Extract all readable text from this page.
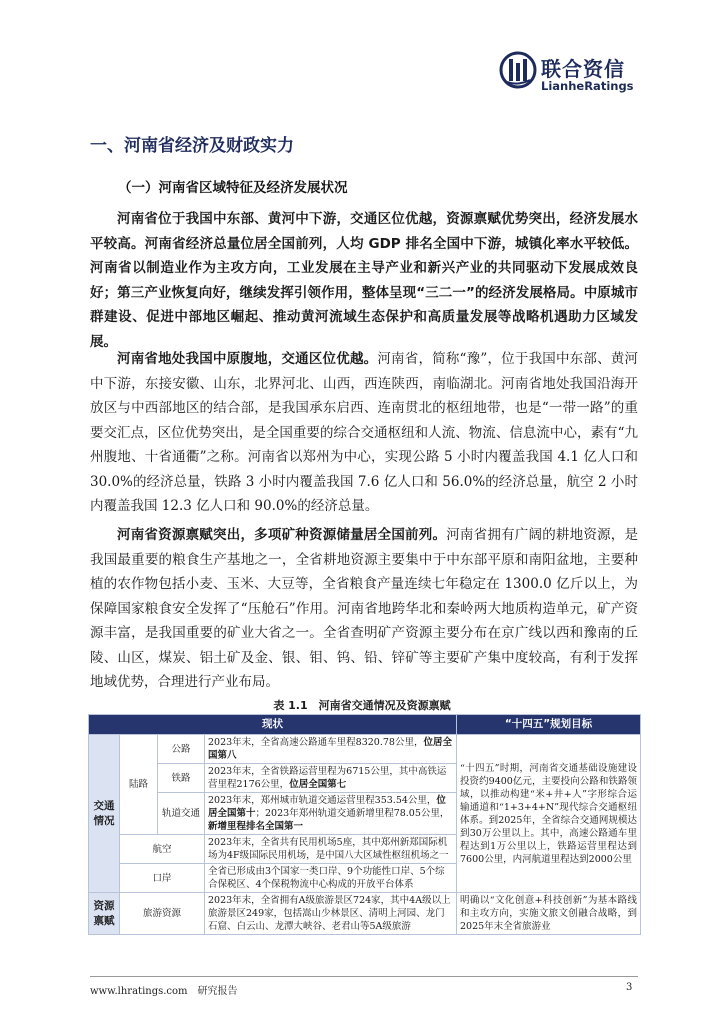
联合资信
LianheRatings
一、河南省经济及财政实力
（一）河南省区域特征及经济发展状况

河南省位于我国中东部、黄河中下游，交通区位优越，资源禀赋优势突出，经济发展水平较高。河南省经济总量位居全国前列，人均 GDP 排名全国中下游，城镇化率水平较低。河南省以制造业作为主攻方向，工业发展在主导产业和新兴产业的共同驱动下发展成效良好；第三产业恢复向好，继续发挥引领作用，整体呈现“三二一”的经济发展格局。中原城市群建设、促进中部地区崛起、推动黄河流域生态保护和高质量发展等战略机遇助力区域发展。

河南省地处我国中原腹地，交通区位优越。河南省，简称“豫”，位于我国中东部、黄河中下游，东接安徽、山东，北界河北、山西，西连陕西，南临湖北。河南省地处我国沿海开放区与中西部地区的结合部，是我国承东启西、连南贯北的枢纽地带，也是“一带一路”的重要交汇点，区位优势突出，是全国重要的综合交通枢纽和人流、物流、信息流中心，素有“九州腹地、十省通衢”之称。河南省以郑州为中心，实现公路 5 小时内覆盖我国 4.1 亿人口和 30.0%的经济总量，铁路 3 小时内覆盖我国 7.6 亿人口和 56.0%的经济总量，航空 2 小时内覆盖我国 12.3 亿人口和 90.0%的经济总量。

河南省资源禀赋突出，多项矿种资源储量居全国前列。河南省拥有广阔的耕地资源，是我国最重要的粮食生产基地之一，全省耕地资源主要集中于中东部平原和南阳盆地，主要种植的农作物包括小麦、玉米、大豆等，全省粮食产量连续七年稳定在 1300.0 亿斤以上，为保障国家粮食安全发挥了“压舱石”作用。河南省地跨华北和秦岭两大地质构造单元，矿产资源丰富，是我国重要的矿业大省之一。全省查明矿产资源主要分布在京广线以西和豫南的丘陵、山区，煤炭、铝土矿及金、银、钼、钨、铅、锌矿等主要矿产集中度较高，有利于发挥地域优势，合理进行产业布局。

表 1.1　河南省交通情况及资源禀赋
现状				“十四五”规划目标
交通情况	陆路	公路	2023年末，全省高速公路通车里程8320.78公里，位居全国第八	“十四五”时期，河南省交通基础设施建设投资约9400亿元，主要投向公路和铁路领域，以推动构建“米+井+人”字形综合运输通道和“1+3+4+N”现代综合交通枢纽体系。到2025年，全省综合交通网规模达到30万公里以上。其中，高速公路通车里程达到1万公里以上，铁路运营里程达到7600公里，内河航道里程达到2000公里
		铁路	2023年末，全省铁路运营里程为6715公里，其中高铁运营里程2176公里，位居全国第七	
		轨道交通	2023年末，郑州城市轨道交通运营里程353.54公里，位居全国第十；2023年郑州轨道交通新增里程78.05公里，新增里程排名全国第一	
	航空		2023年末，全省共有民用机场5座，其中郑州新郑国际机场为4F级国际民用机场，是中国八大区域性枢纽机场之一	
	口岸		全省已形成由3个国家一类口岸、9个功能性口岸、5个综合保税区、4个保税物流中心构成的开放平台体系	
资源禀赋	旅游资源		2023年末，全省拥有A级旅游景区724家，其中4A级以上旅游景区249家，包括嵩山少林景区、清明上河园、龙门石窟、白云山、龙潭大峡谷、老君山等5A级旅游	明确以“文化创意+科技创新”为基本路线和主攻方向，实施文旅文创融合战略，到2025年末全省旅游业
www.lhratings.com　研究报告	3
